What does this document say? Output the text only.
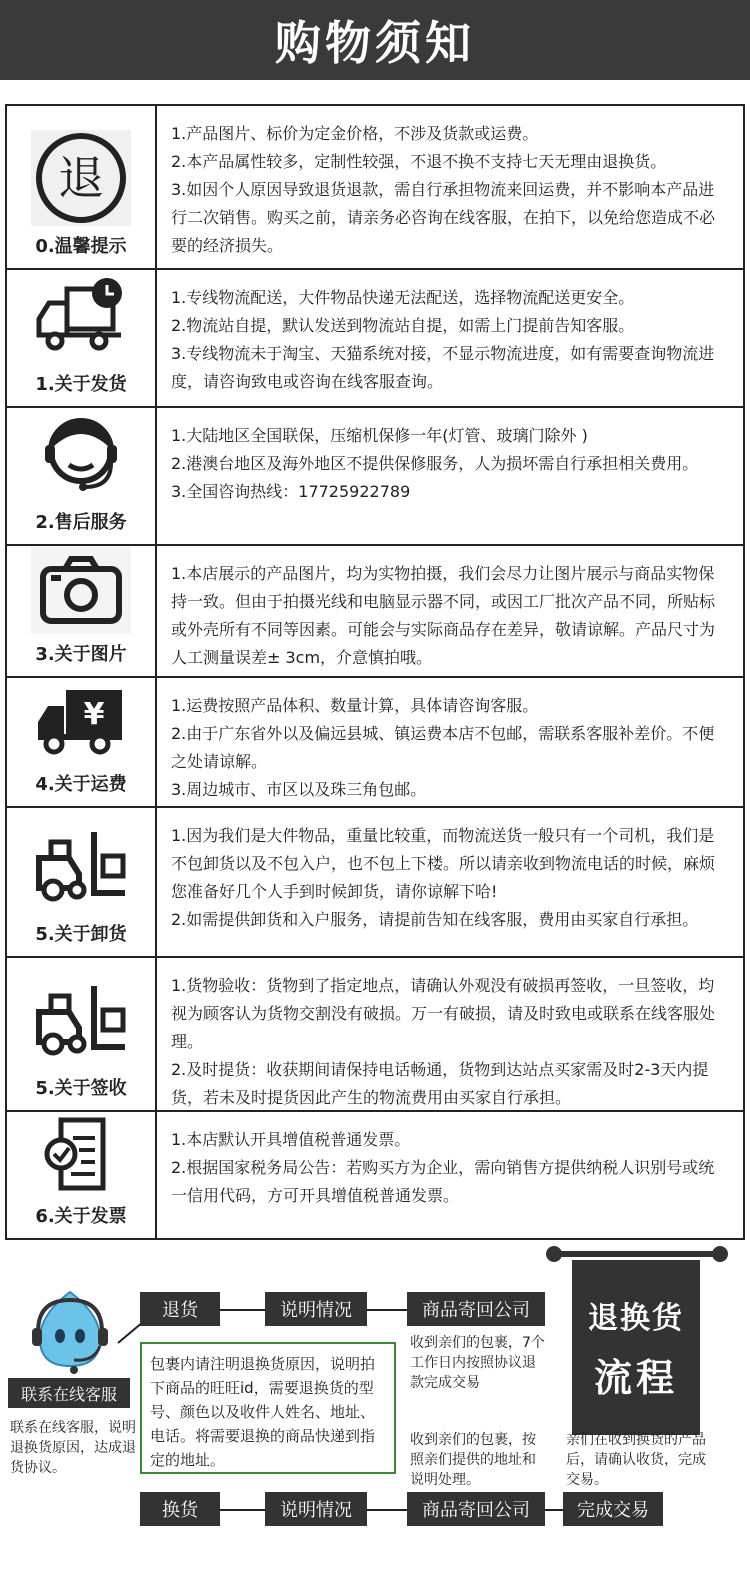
购物须知
退
0.温馨提示

1.产品图片、标价为定金价格，不涉及货款或运费。

2.本产品属性较多，定制性较强，不退不换不支持七天无理由退换货。

3.如因个人原因导致退货退款，需自行承担物流来回运费，并不影响本产品进行二次销售。购买之前，请亲务必咨询在线客服，在拍下，以免给您造成不必要的经济损失。

1.关于发货

1.专线物流配送，大件物品快递无法配送，选择物流配送更安全。

2.物流站自提，默认发送到物流站自提，如需上门提前告知客服。

3.专线物流未于淘宝、天猫系统对接，不显示物流进度，如有需要查询物流进度，请咨询致电或咨询在线客服查询。

2.售后服务

1.大陆地区全国联保，压缩机保修一年(灯管、玻璃门除外 )

2.港澳台地区及海外地区不提供保修服务，人为损坏需自行承担相关费用。

3.全国咨询热线：17725922789

3.关于图片

1.本店展示的产品图片，均为实物拍摄，我们会尽力让图片展示与商品实物保持一致。但由于拍摄光线和电脑显示器不同，或因工厂批次产品不同，所贴标或外壳所有不同等因素。可能会与实际商品存在差异，敬请谅解。产品尺寸为人工测量误差± 3cm，介意慎拍哦。

¥
4.关于运费

1.运费按照产品体积、数量计算，具体请咨询客服。

2.由于广东省外以及偏远县城、镇运费本店不包邮，需联系客服补差价。不便之处请谅解。

3.周边城市、市区以及珠三角包邮。

5.关于卸货

1.因为我们是大件物品，重量比较重，而物流送货一般只有一个司机，我们是不包卸货以及不包入户，也不包上下楼。所以请亲收到物流电话的时候，麻烦您准备好几个人手到时候卸货，请你谅解下哈!

2.如需提供卸货和入户服务，请提前告知在线客服，费用由买家自行承担。

5.关于签收

1.货物验收：货物到了指定地点，请确认外观没有破损再签收，一旦签收，均视为顾客认为货物交割没有破损。万一有破损，请及时致电或联系在线客服处理。

2.及时提货：收获期间请保持电话畅通，货物到达站点买家需及时2-3天内提货，若未及时提货因此产生的物流费用由买家自行承担。

6.关于发票

1.本店默认开具增值税普通发票。

2.根据国家税务局公告：若购买方为企业，需向销售方提供纳税人识别号或统一信用代码，方可开具增值税普通发票。

联系在线客服
联系在线客服，说明退换货原因，达成退货协议。
退货	说明情况	商品寄回公司
收到亲们的包裹，7个工作日内按照协议退款完成交易
包裹内请注明退换货原因，说明拍下商品的旺旺id，需要退换货的型号、颜色以及收件人姓名、地址、电话。将需要退换的商品快递到指定的地址。
收到亲们的包裹，按照亲们提供的地址和说明处理。
退换货
流程
亲们在收到换货的产品后，请确认收货，完成交易。
换货	说明情况	商品寄回公司	完成交易
